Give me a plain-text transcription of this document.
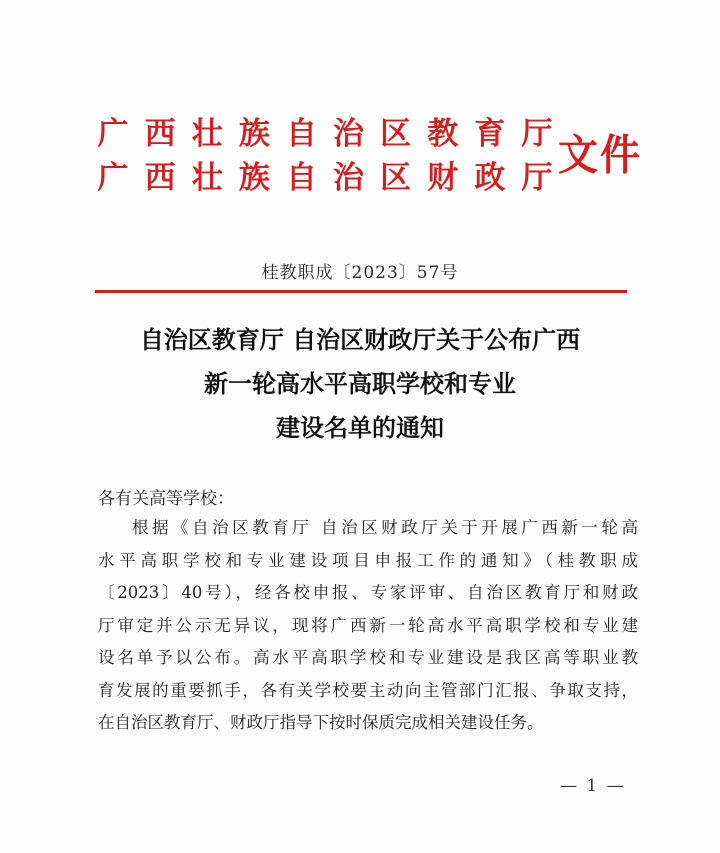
广 西 壮 族 自 治 区 教 育 厅
广 西 壮 族 自 治 区 财 政 厅 文件
桂教职成〔2023〕57号
自治区教育厅 自治区财政厅关于公布广西
新一轮高水平高职学校和专业
建设名单的通知
各有关高等学校：
根据《自治区教育厅 自治区财政厅关于开展广西新一轮高
水平高职学校和专业建设项目申报工作的通知》（桂教职成
〔2023〕40号），经各校申报、专家评审、自治区教育厅和财政
厅审定并公示无异议，现将广西新一轮高水平高职学校和专业建
设名单予以公布。高水平高职学校和专业建设是我区高等职业教
育发展的重要抓手，各有关学校要主动向主管部门汇报、争取支持，
在自治区教育厅、财政厅指导下按时保质完成相关建设任务。
— 1 —
